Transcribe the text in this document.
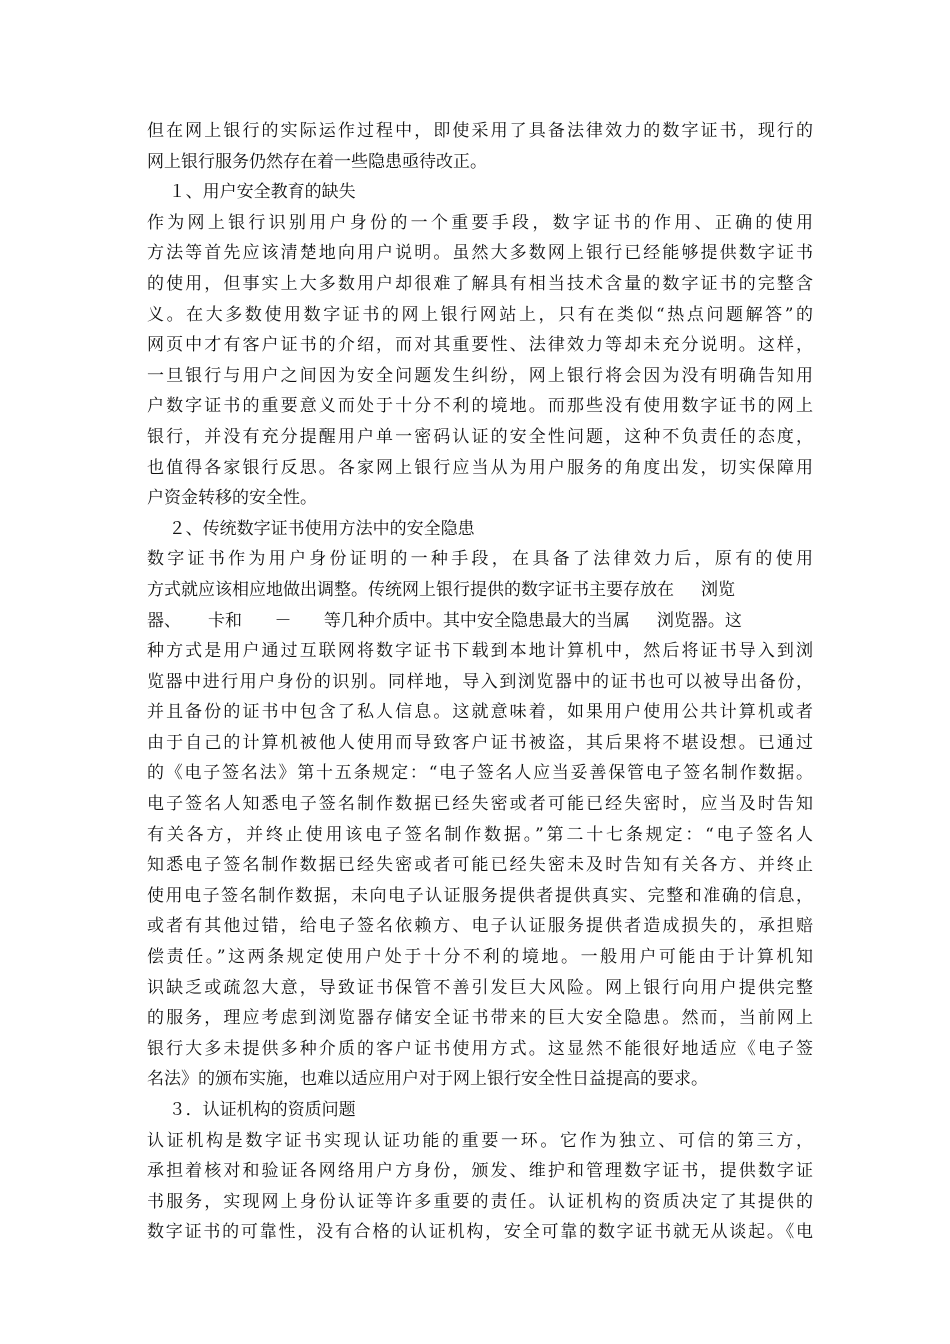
但在网上银行的实际运作过程中，即使采用了具备法律效力的数字证书，现行的
网上银行服务仍然存在着一些隐患亟待改正。
１、用户安全教育的缺失
作为网上银行识别用户身份的一个重要手段，数字证书的作用、正确的使用
方法等首先应该清楚地向用户说明。虽然大多数网上银行已经能够提供数字证书
的使用，但事实上大多数用户却很难了解具有相当技术含量的数字证书的完整含
义。在大多数使用数字证书的网上银行网站上，只有在类似“热点问题解答”的
网页中才有客户证书的介绍，而对其重要性、法律效力等却未充分说明。这样，
一旦银行与用户之间因为安全问题发生纠纷，网上银行将会因为没有明确告知用
户数字证书的重要意义而处于十分不利的境地。而那些没有使用数字证书的网上
银行，并没有充分提醒用户单一密码认证的安全性问题，这种不负责任的态度，
也值得各家银行反思。各家网上银行应当从为用户服务的角度出发，切实保障用
户资金转移的安全性。
２、传统数字证书使用方法中的安全隐患
数字证书作为用户身份证明的一种手段，在具备了法律效力后，原有的使用
方式就应该相应地做出调整。传统网上银行提供的数字证书主要存放在     浏览
器、     卡和      －      等几种介质中。其中安全隐患最大的当属     浏览器。这
种方式是用户通过互联网将数字证书下载到本地计算机中，然后将证书导入到浏
览器中进行用户身份的识别。同样地，导入到浏览器中的证书也可以被导出备份，
并且备份的证书中包含了私人信息。这就意味着，如果用户使用公共计算机或者
由于自己的计算机被他人使用而导致客户证书被盗，其后果将不堪设想。已通过
的《电子签名法》第十五条规定：“电子签名人应当妥善保管电子签名制作数据。
电子签名人知悉电子签名制作数据已经失密或者可能已经失密时，应当及时告知
有关各方，并终止使用该电子签名制作数据。”第二十七条规定：“电子签名人
知悉电子签名制作数据已经失密或者可能已经失密未及时告知有关各方、并终止
使用电子签名制作数据，未向电子认证服务提供者提供真实、完整和准确的信息，
或者有其他过错，给电子签名依赖方、电子认证服务提供者造成损失的，承担赔
偿责任。”这两条规定使用户处于十分不利的境地。一般用户可能由于计算机知
识缺乏或疏忽大意，导致证书保管不善引发巨大风险。网上银行向用户提供完整
的服务，理应考虑到浏览器存储安全证书带来的巨大安全隐患。然而，当前网上
银行大多未提供多种介质的客户证书使用方式。这显然不能很好地适应《电子签
名法》的颁布实施，也难以适应用户对于网上银行安全性日益提高的要求。
３．认证机构的资质问题
认证机构是数字证书实现认证功能的重要一环。它作为独立、可信的第三方，
承担着核对和验证各网络用户方身份，颁发、维护和管理数字证书，提供数字证
书服务，实现网上身份认证等许多重要的责任。认证机构的资质决定了其提供的
数字证书的可靠性，没有合格的认证机构，安全可靠的数字证书就无从谈起。《电
